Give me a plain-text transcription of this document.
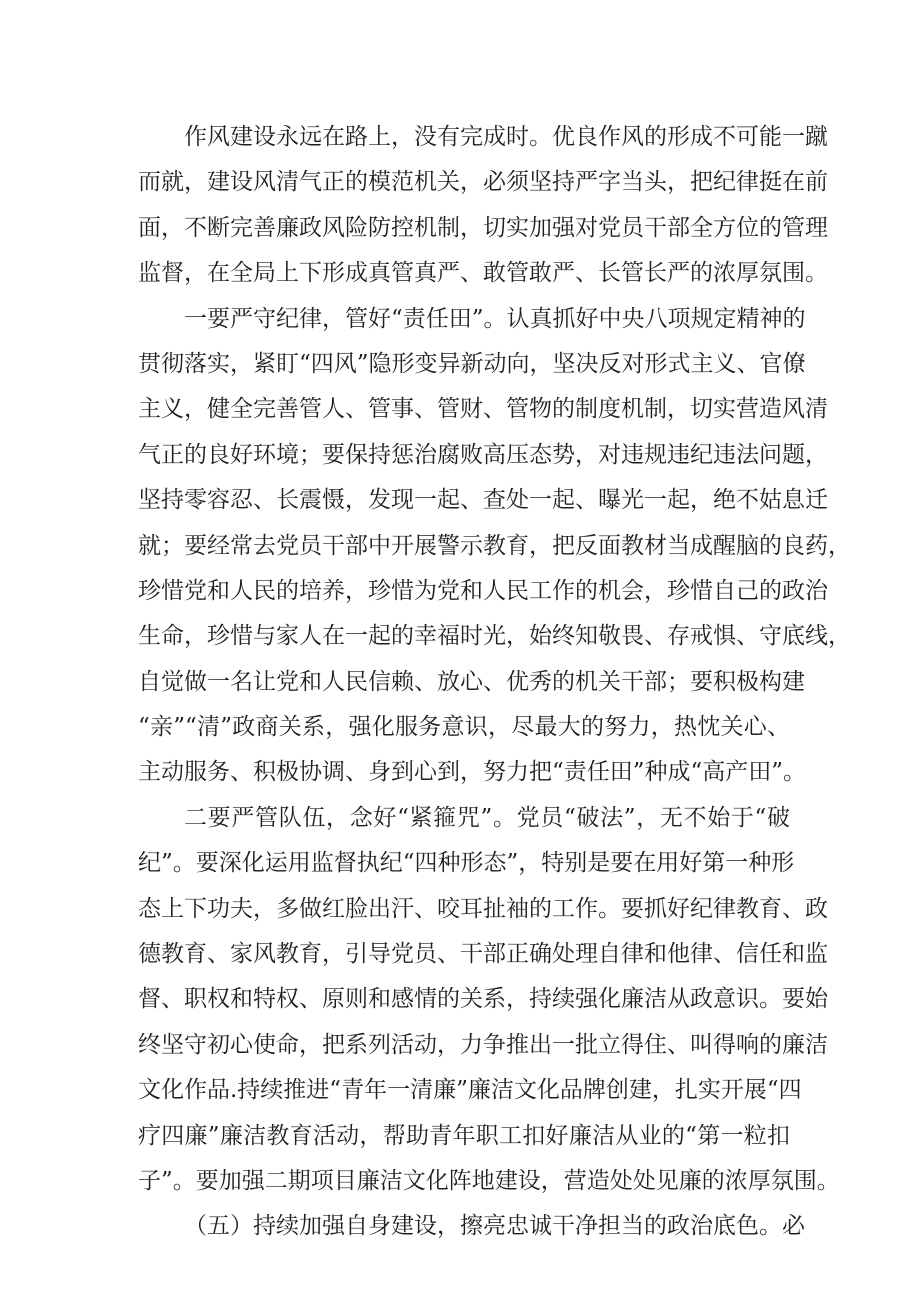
作风建设永远在路上，没有完成时。优良作风的形成不可能一蹴
而就，建设风清气正的模范机关，必须坚持严字当头，把纪律挺在前
面，不断完善廉政风险防控机制，切实加强对党员干部全方位的管理
监督，在全局上下形成真管真严、敢管敢严、长管长严的浓厚氛围。
一要严守纪律，管好“责任田”。认真抓好中央八项规定精神的
贯彻落实，紧盯“四风”隐形变异新动向，坚决反对形式主义、官僚
主义，健全完善管人、管事、管财、管物的制度机制，切实营造风清
气正的良好环境；要保持惩治腐败高压态势，对违规违纪违法问题，
坚持零容忍、长震慑，发现一起、查处一起、曝光一起，绝不姑息迁
就；要经常去党员干部中开展警示教育，把反面教材当成醒脑的良药，
珍惜党和人民的培养，珍惜为党和人民工作的机会，珍惜自己的政治
生命，珍惜与家人在一起的幸福时光，始终知敬畏、存戒惧、守底线，
自觉做一名让党和人民信赖、放心、优秀的机关干部；要积极构建
“亲”“清”政商关系，强化服务意识，尽最大的努力，热忱关心、
主动服务、积极协调、身到心到，努力把“责任田”种成“高产田”。
二要严管队伍，念好“紧箍咒”。党员“破法”，无不始于“破
纪”。要深化运用监督执纪“四种形态”，特别是要在用好第一种形
态上下功夫，多做红脸出汗、咬耳扯袖的工作。要抓好纪律教育、政
德教育、家风教育，引导党员、干部正确处理自律和他律、信任和监
督、职权和特权、原则和感情的关系，持续强化廉洁从政意识。要始
终坚守初心使命，把系列活动，力争推出一批立得住、叫得响的廉洁
文化作品.持续推进“青年一清廉”廉洁文化品牌创建，扎实开展“四
疗四廉”廉洁教育活动，帮助青年职工扣好廉洁从业的“第一粒扣
子”。要加强二期项目廉洁文化阵地建设，营造处处见廉的浓厚氛围。
（五）持续加强自身建设，擦亮忠诚干净担当的政治底色。必
